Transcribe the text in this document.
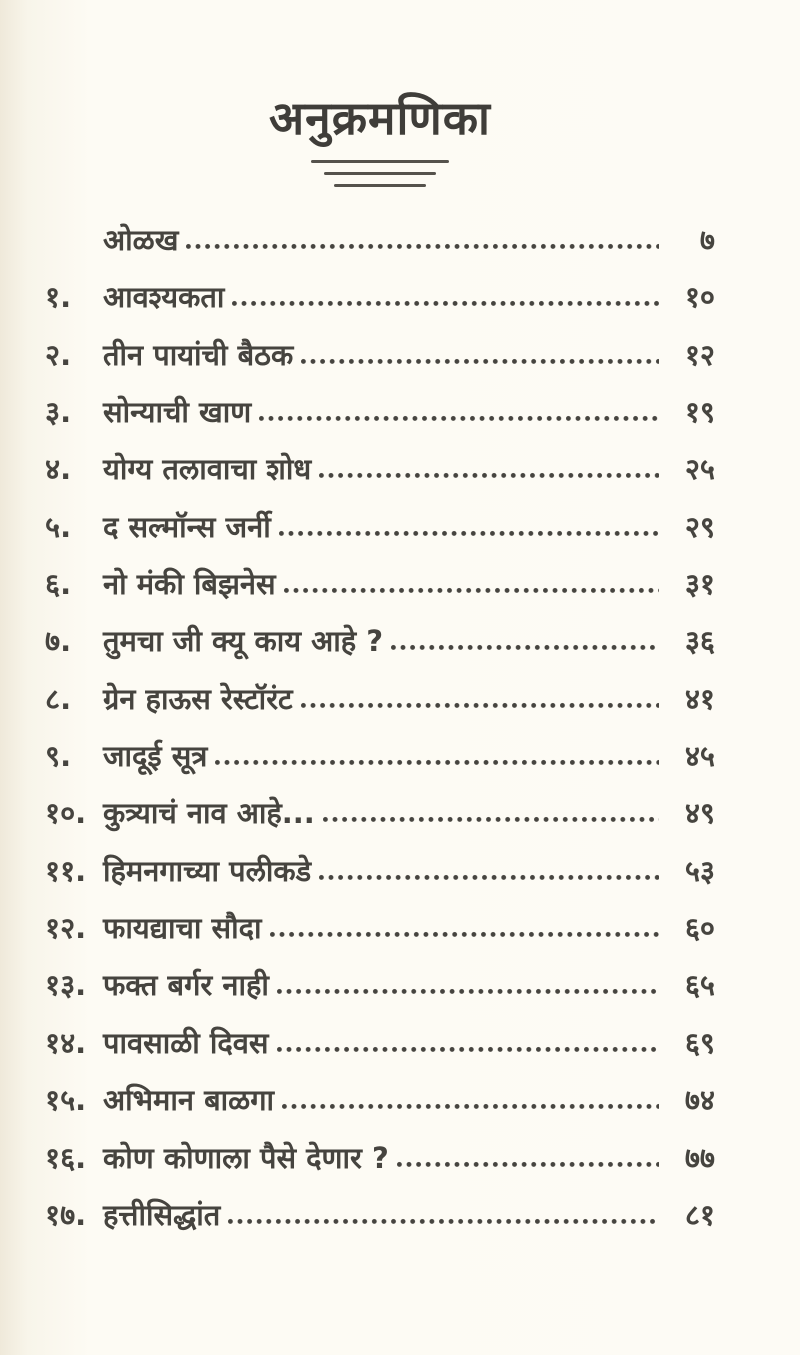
अनुक्रमणिका
ओळख	७
१.	आवश्यकता	१०
२.	तीन पायांची बैठक	१२
३.	सोन्याची खाण	१९
४.	योग्य तलावाचा शोध	२५
५.	द सल्मॉन्स जर्नी	२९
६.	नो मंकी बिझनेस	३१
७.	तुमचा जी क्यू काय आहे ?	३६
८.	ग्रेन हाऊस रेस्टॉरंट	४१
९.	जादूई सूत्र	४५
१०. कुत्र्याचं नाव आहे...	४९
११. हिमनगाच्या पलीकडे	५३
१२. फायद्याचा सौदा	६०
१३. फक्त बर्गर नाही	६५
१४. पावसाळी दिवस	६९
१५. अभिमान बाळगा	७४
१६. कोण कोणाला पैसे देणार ?	७७
१७. हत्तीसिद्धांत	८१
